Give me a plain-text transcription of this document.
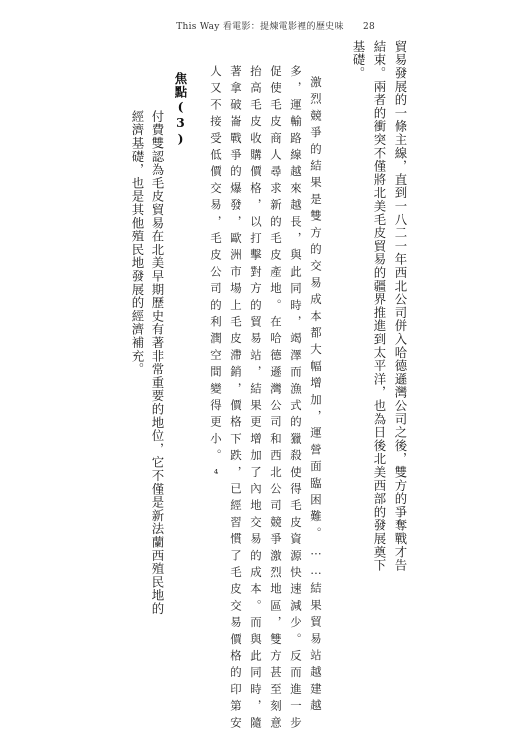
This Way 看電影：提煉電影裡的歷史味 28
貿易發展的一條主線，直到一八二一年西北公司併入哈德遜灣公司之後，雙方的爭奪戰才告
結束。兩者的衝突不僅將北美毛皮貿易的疆界推進到太平洋，也為日後北美西部的發展奠下
基礎。
激烈競爭的結果是雙方的交易成本都大幅增加，運營面臨困難。……結果貿易站越建越
多，運輸路線越來越長，與此同時，竭澤而漁式的獵殺使得毛皮資源快速減少。反而進一步
促使毛皮商人尋求新的毛皮產地。在哈德遜灣公司和西北公司競爭激烈地區，雙方甚至刻意
抬高毛皮收購價格，以打擊對方的貿易站，結果更增加了內地交易的成本。而與此同時，隨
著拿破崙戰爭的爆發，歐洲市場上毛皮滯銷，價格下跌，已經習慣了毛皮交易價格的印第安
人又不接受低價交易，毛皮公司的利潤空間變得更小。⁴
焦點(3)
付費雙認為毛皮貿易在北美早期歷史有著非常重要的地位，它不僅是新法蘭西殖民地的
經濟基礎，也是其他殖民地發展的經濟補充。
